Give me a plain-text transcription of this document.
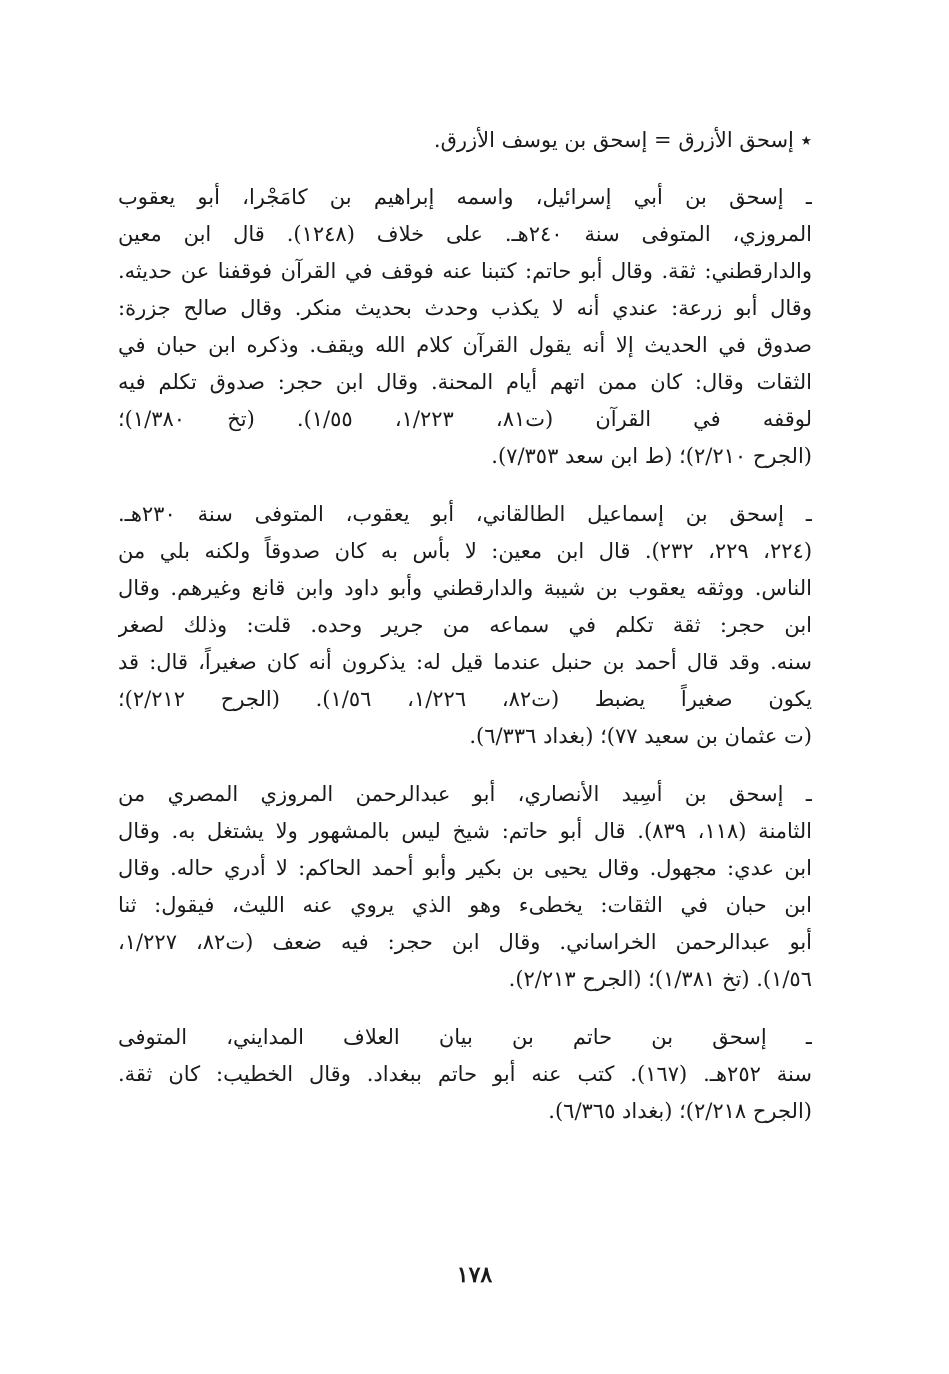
٭ إسحق الأزرق = إسحق بن يوسف الأزرق.
ـ إسحق بن أبي إسرائيل، واسمه إبراهيم بن كامَجْرا، أبو يعقوب
المروزي، المتوفى سنة ٢٤٠هـ. على خلاف (١٢٤٨). قال ابن معين
والدارقطني: ثقة. وقال أبو حاتم: كتبنا عنه فوقف في القرآن فوقفنا عن حديثه.
وقال أبو زرعة: عندي أنه لا يكذب وحدث بحديث منكر. وقال صالح جزرة:
صدوق في الحديث إلا أنه يقول القرآن كلام الله ويقف. وذكره ابن حبان في
الثقات وقال: كان ممن اتهم أيام المحنة. وقال ابن حجر: صدوق تكلم فيه
لوقفه في القرآن (ت٨١، ١/٢٢٣، ١/٥٥). (تخ ١/٣٨٠)؛
(الجرح ٢/٢١٠)؛ (ط ابن سعد ٧/٣٥٣).
ـ إسحق بن إسماعيل الطالقاني، أبو يعقوب، المتوفى سنة ٢٣٠هـ.
(٢٢٤، ٢٢٩، ٢٣٢). قال ابن معين: لا بأس به كان صدوقاً ولكنه بلي من
الناس. ووثقه يعقوب بن شيبة والدارقطني وأبو داود وابن قانع وغيرهم. وقال
ابن حجر: ثقة تكلم في سماعه من جرير وحده. قلت: وذلك لصغر
سنه. وقد قال أحمد بن حنبل عندما قيل له: يذكرون أنه كان صغيراً، قال: قد
يكون صغيراً يضبط (ت٨٢، ١/٢٢٦، ١/٥٦). (الجرح ٢/٢١٢)؛
(ت عثمان بن سعيد ٧٧)؛ (بغداد ٦/٣٣٦).
ـ إسحق بن أسِيد الأنصاري، أبو عبدالرحمن المروزي المصري من
الثامنة (١١٨، ٨٣٩). قال أبو حاتم: شيخ ليس بالمشهور ولا يشتغل به. وقال
ابن عدي: مجهول. وقال يحيى بن بكير وأبو أحمد الحاكم: لا أدري حاله. وقال
ابن حبان في الثقات: يخطىء وهو الذي يروي عنه الليث، فيقول: ثنا
أبو عبدالرحمن الخراساني. وقال ابن حجر: فيه ضعف (ت٨٢، ١/٢٢٧،
١/٥٦). (تخ ١/٣٨١)؛ (الجرح ٢/٢١٣).
ـ إسحق بن حاتم بن بيان العلاف المدايني، المتوفى
سنة ٢٥٢هـ. (١٦٧). كتب عنه أبو حاتم ببغداد. وقال الخطيب: كان ثقة.
(الجرح ٢/٢١٨)؛ (بغداد ٦/٣٦٥).
١٧٨
